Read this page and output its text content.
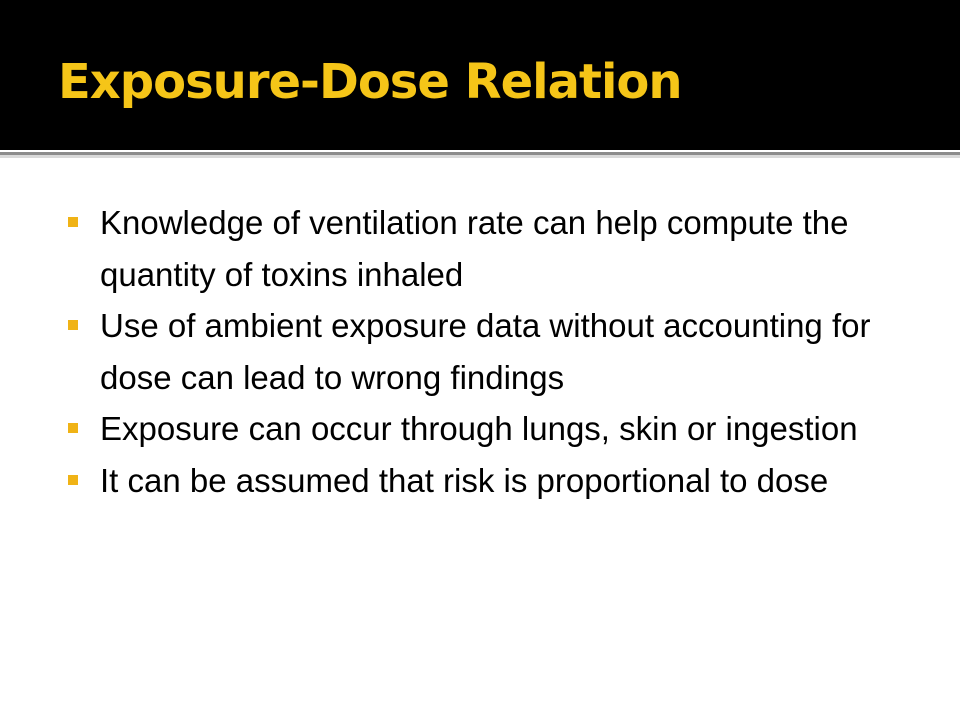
Exposure-Dose Relation
Knowledge of ventilation rate can help compute the quantity of toxins inhaled
Use of ambient exposure data without accounting for dose can lead to wrong findings
Exposure can occur through lungs, skin or ingestion
It can be assumed that risk is proportional to dose
